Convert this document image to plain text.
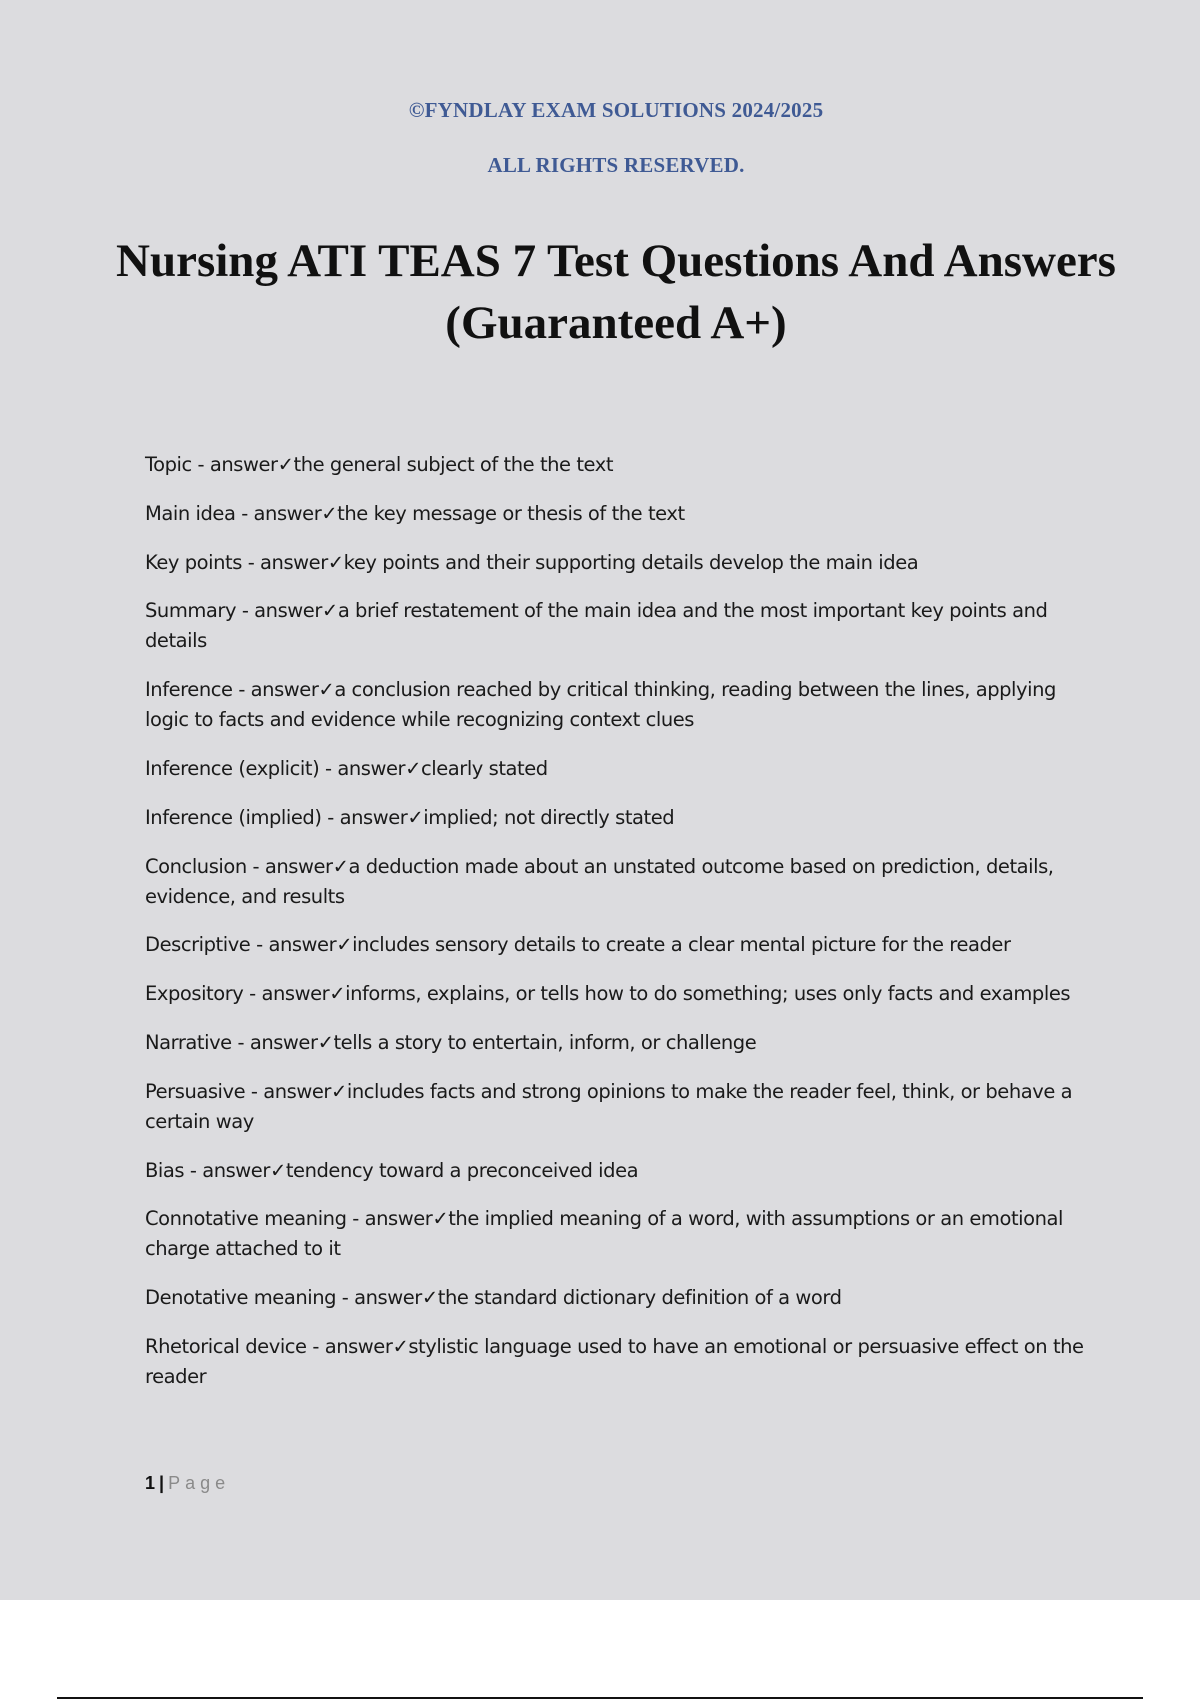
©FYNDLAY EXAM SOLUTIONS 2024/2025
ALL RIGHTS RESERVED.
Nursing ATI TEAS 7 Test Questions And Answers (Guaranteed A+)
Topic - answer✓the general subject of the the text
Main idea - answer✓the key message or thesis of the text
Key points - answer✓key points and their supporting details develop the main idea
Summary - answer✓a brief restatement of the main idea and the most important key points and details
Inference - answer✓a conclusion reached by critical thinking, reading between the lines, applying logic to facts and evidence while recognizing context clues
Inference (explicit) - answer✓clearly stated
Inference (implied) - answer✓implied; not directly stated
Conclusion - answer✓a deduction made about an unstated outcome based on prediction, details, evidence, and results
Descriptive - answer✓includes sensory details to create a clear mental picture for the reader
Expository - answer✓informs, explains, or tells how to do something; uses only facts and examples
Narrative - answer✓tells a story to entertain, inform, or challenge
Persuasive - answer✓includes facts and strong opinions to make the reader feel, think, or behave a certain way
Bias - answer✓tendency toward a preconceived idea
Connotative meaning - answer✓the implied meaning of a word, with assumptions or an emotional charge attached to it
Denotative meaning - answer✓the standard dictionary definition of a word
Rhetorical device - answer✓stylistic language used to have an emotional or persuasive effect on the reader
1 | Page
